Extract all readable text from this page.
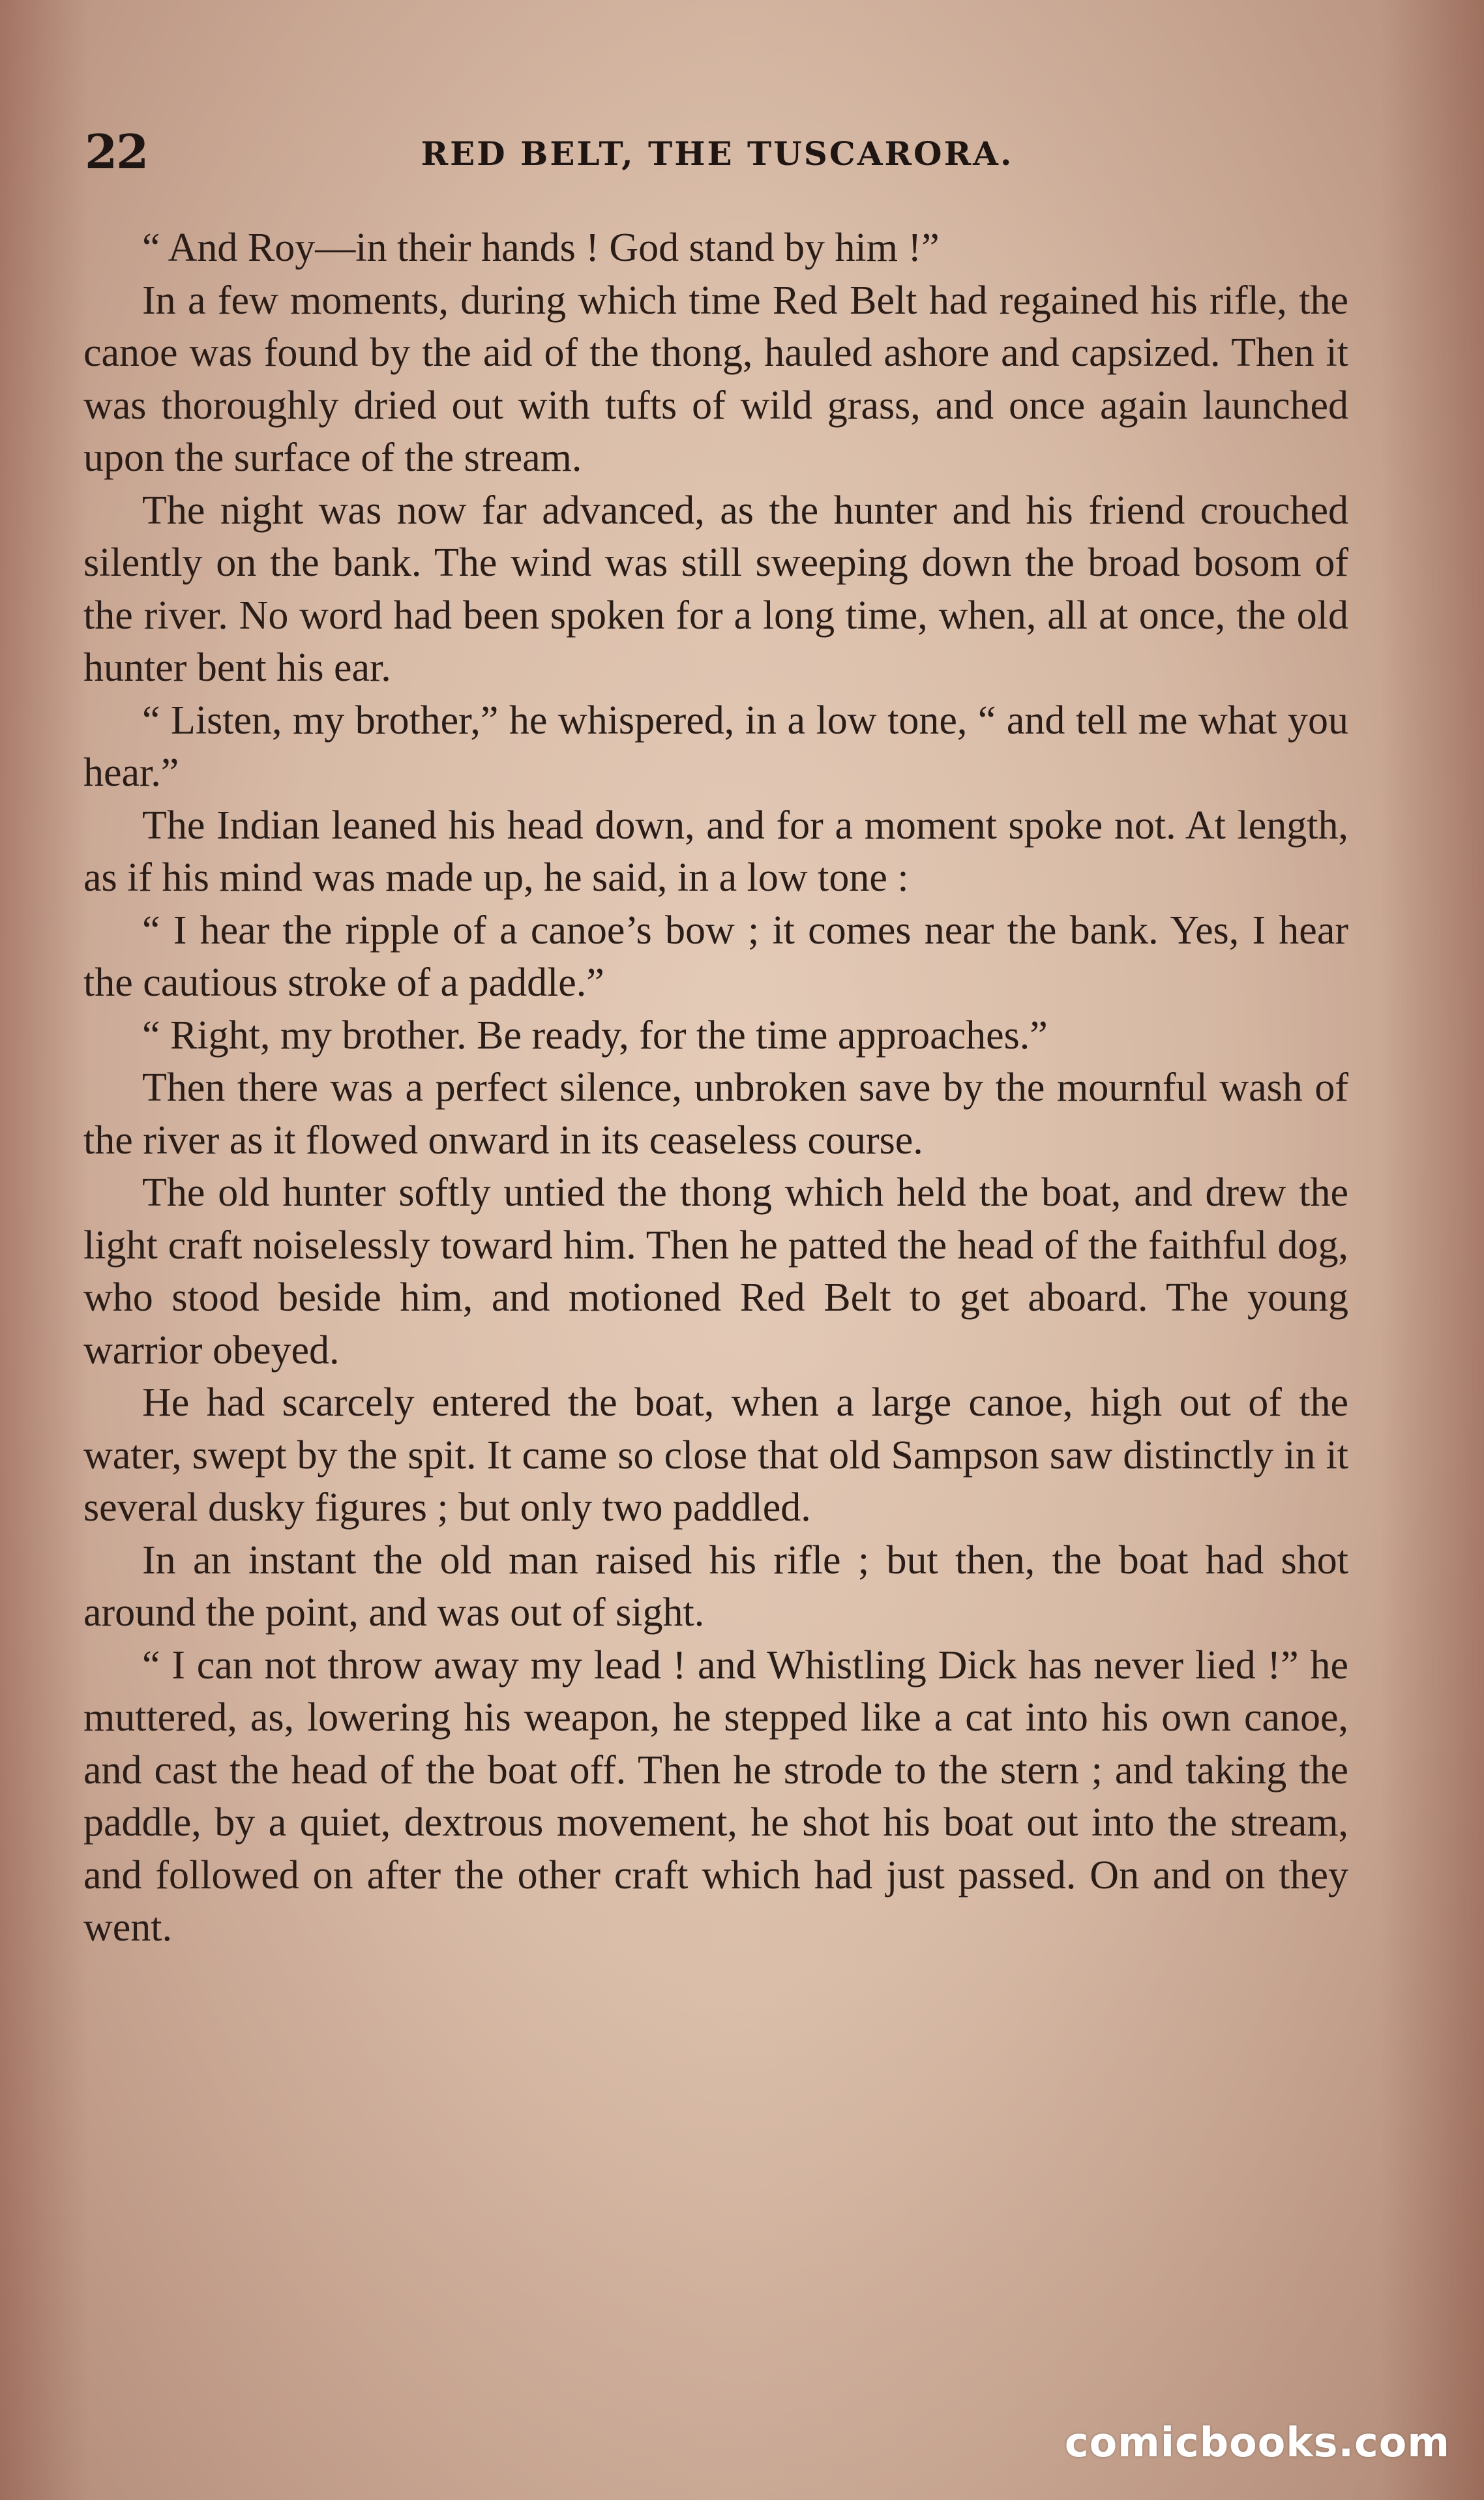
22	RED BELT, THE TUSCARORA.

“ And Roy—in their hands ! God stand by him !”

In a few moments, during which time Red Belt had regained his rifle, the canoe was found by the aid of the thong, hauled ashore and capsized. Then it was thoroughly dried out with tufts of wild grass, and once again launched upon the surface of the stream.

The night was now far advanced, as the hunter and his friend crouched silently on the bank. The wind was still sweeping down the broad bosom of the river. No word had been spoken for a long time, when, all at once, the old hunter bent his ear.

“ Listen, my brother,” he whispered, in a low tone, “ and tell me what you hear.”

The Indian leaned his head down, and for a moment spoke not. At length, as if his mind was made up, he said, in a low tone :

“ I hear the ripple of a canoe’s bow ; it comes near the bank. Yes, I hear the cautious stroke of a paddle.”

“ Right, my brother. Be ready, for the time approaches.”

Then there was a perfect silence, unbroken save by the mournful wash of the river as it flowed onward in its ceaseless course.

The old hunter softly untied the thong which held the boat, and drew the light craft noiselessly toward him. Then he patted the head of the faithful dog, who stood beside him, and motioned Red Belt to get aboard. The young warrior obeyed.

He had scarcely entered the boat, when a large canoe, high out of the water, swept by the spit. It came so close that old Sampson saw distinctly in it several dusky figures ; but only two paddled.

In an instant the old man raised his rifle ; but then, the boat had shot around the point, and was out of sight.

“ I can not throw away my lead ! and Whistling Dick has never lied !” he muttered, as, lowering his weapon, he stepped like a cat into his own canoe, and cast the head of the boat off. Then he strode to the stern ; and taking the paddle, by a quiet, dextrous movement, he shot his boat out into the stream, and followed on after the other craft which had just passed. On and on they went.

comicbooks.com
